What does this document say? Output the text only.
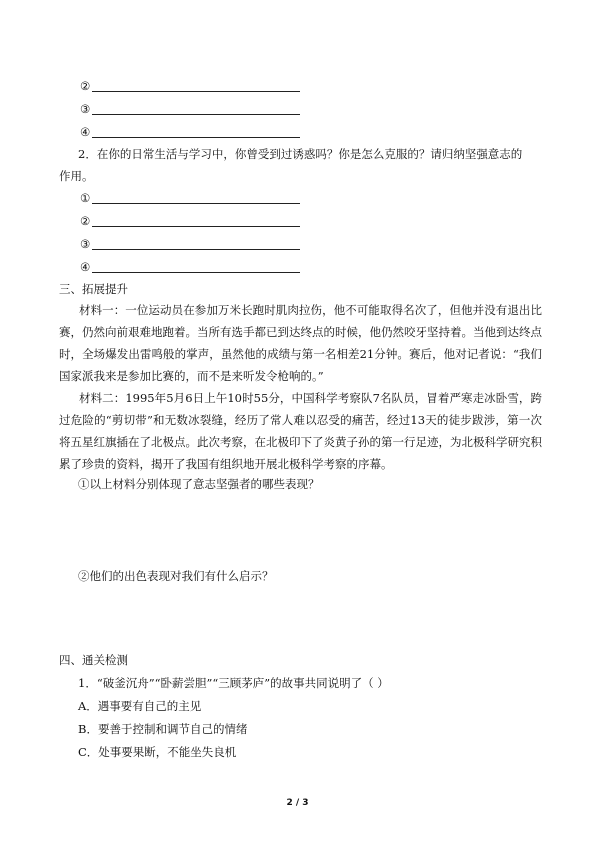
②
③
④
2．在你的日常生活与学习中，你曾受到过诱惑吗？你是怎么克服的？请归纳坚强意志的
作用。
①
②
③
④
三、拓展提升
材料一：一位运动员在参加万米长跑时肌肉拉伤，他不可能取得名次了，但他并没有退出比赛，仍然向前艰难地跑着。当所有选手都已到达终点的时候，他仍然咬牙坚持着。当他到达终点时，全场爆发出雷鸣般的掌声，虽然他的成绩与第一名相差21分钟。赛后，他对记者说：“我们国家派我来是参加比赛的，而不是来听发令枪响的。”
材料二：1995年5月6日上午10时55分，中国科学考察队7名队员，冒着严寒走冰卧雪，跨过危险的“剪切带”和无数冰裂缝，经历了常人难以忍受的痛苦，经过13天的徒步跋涉，第一次将五星红旗插在了北极点。此次考察，在北极印下了炎黄子孙的第一行足迹，为北极科学研究积累了珍贵的资料，揭开了我国有组织地开展北极科学考察的序幕。
①以上材料分别体现了意志坚强者的哪些表现？
②他们的出色表现对我们有什么启示？
四、通关检测
1．“破釜沉舟”“卧薪尝胆”“三顾茅庐”的故事共同说明了（ ）
A．遇事要有自己的主见
B．要善于控制和调节自己的情绪
C．处事要果断，不能坐失良机
2 / 3
